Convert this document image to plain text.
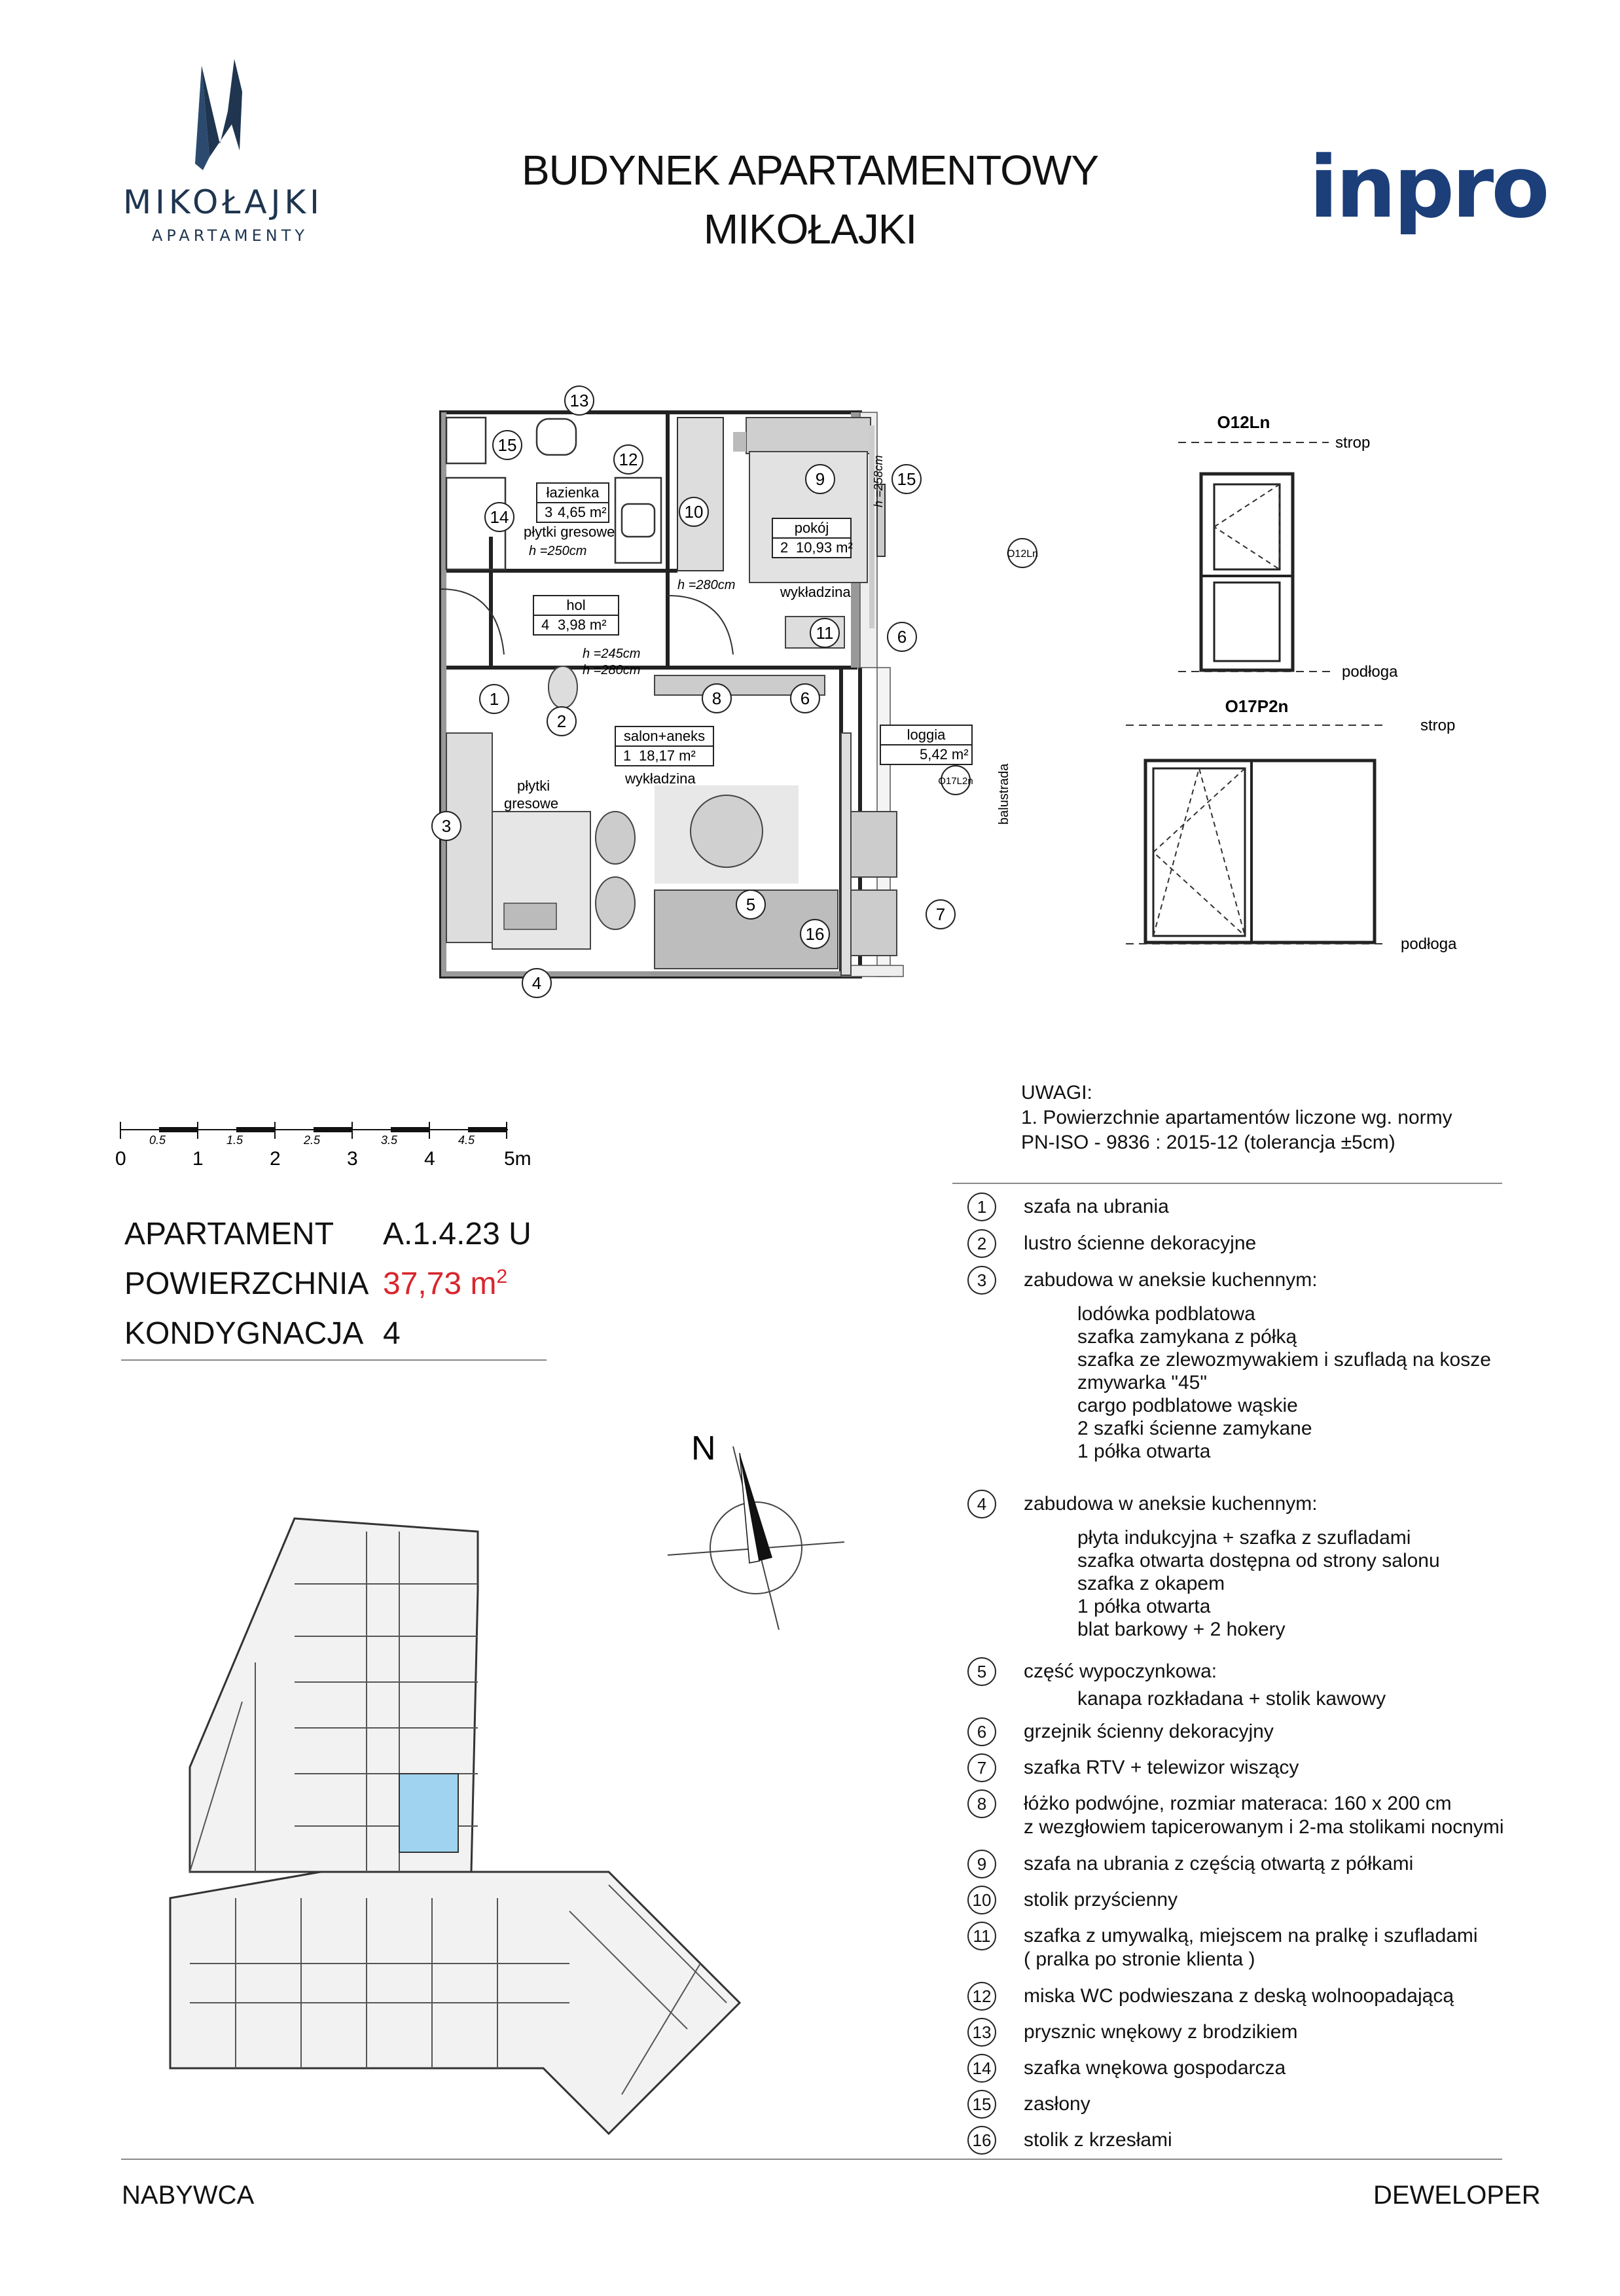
MIKOŁAJKI
APARTAMENTY
BUDYNEK APARTAMENTOWY
MIKOŁAJKI	inpro
łazienka
3 4,65 m²
płytki gresowe
h =250cm
pokój
2 10,93 m²
wykładzina
h =280cm
hol
4 3,98 m²
h =245cm
h =280cm
salon+aneks
1 18,17 m²
wykładzina
płytki
gresowe
loggia
5,42 m²
h =258cm
balustrada
O12Ln
O17L2n
13
15
12
14	10
9	15
11	6
1
2
8	6
3
5
16
7
4
O12Ln
strop
podłoga
O17P2n
strop
podłoga
0.5	1.5	2.5	3.5	4.5
0	1	2	3	4	5m
APARTAMENT A.1.4.23 U
POWIERZCHNIA 37,73 $m^2$
KONDYGNACJA 4
N
UWAGI:
1. Powierzchnie apartamentów liczone wg. normy
PN-ISO - 9836 : 2015-12 (tolerancja ±5cm)
1	szafa na ubrania
2	lustro ścienne dekoracyjne
3	zabudowa w aneksie kuchennym:
lodówka podblatowa
szafka zamykana z półką
szafka ze zlewozmywakiem i szufladą na kosze
zmywarka "45"
cargo podblatowe wąskie
2 szafki ścienne zamykane
1 półka otwarta
4	zabudowa w aneksie kuchennym:
płyta indukcyjna + szafka z szufladami
szafka otwarta dostępna od strony salonu
szafka z okapem
1 półka otwarta
blat barkowy + 2 hokery
5	część wypoczynkowa:
kanapa rozkładana + stolik kawowy
6	grzejnik ścienny dekoracyjny
7	szafka RTV + telewizor wiszący
8	łóżko podwójne, rozmiar materaca: 160 x 200 cm
z wezgłowiem tapicerowanym i 2-ma stolikami nocnymi
9	szafa na ubrania z częścią otwartą z półkami
10 stolik przyścienny
11 szafka z umywalką, miejscem na pralkę i szufladami
( pralka po stronie klienta )
12 miska WC podwieszana z deską wolnoopadającą
13 prysznic wnękowy z brodzikiem
14 szafka wnękowa gospodarcza
15 zasłony
16 stolik z krzesłami
NABYWCA	DEWELOPER
